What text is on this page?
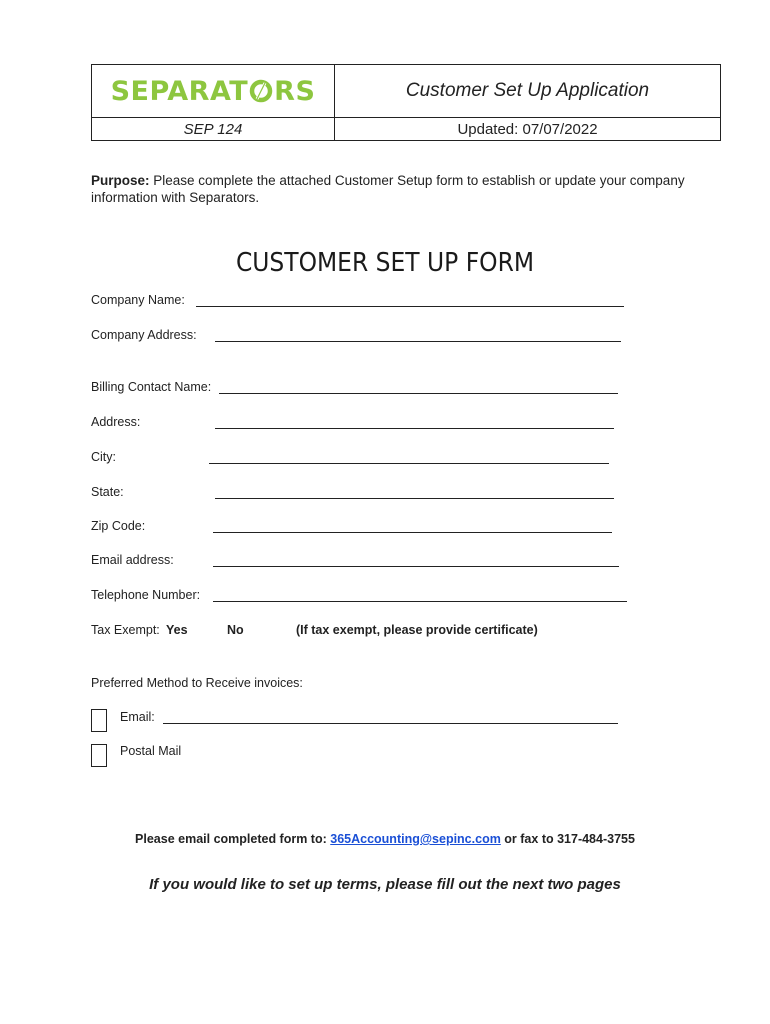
SEPARAT RS	Customer Set Up Application
SEP 124	Updated: 07/07/2022
Purpose: Please complete the attached Customer Setup form to establish or update your company information with Separators.
CUSTOMER SET UP FORM
Company Name:
Company Address:
Billing Contact Name:
Address:
City:
State:
Zip Code:
Email address:
Telephone Number:
Tax Exempt: Yes	No	(If tax exempt, please provide certificate)
Preferred Method to Receive invoices:
Email:
Postal Mail
Please email completed form to: 365Accounting@sepinc.com or fax to 317-484-3755
If you would like to set up terms, please fill out the next two pages
